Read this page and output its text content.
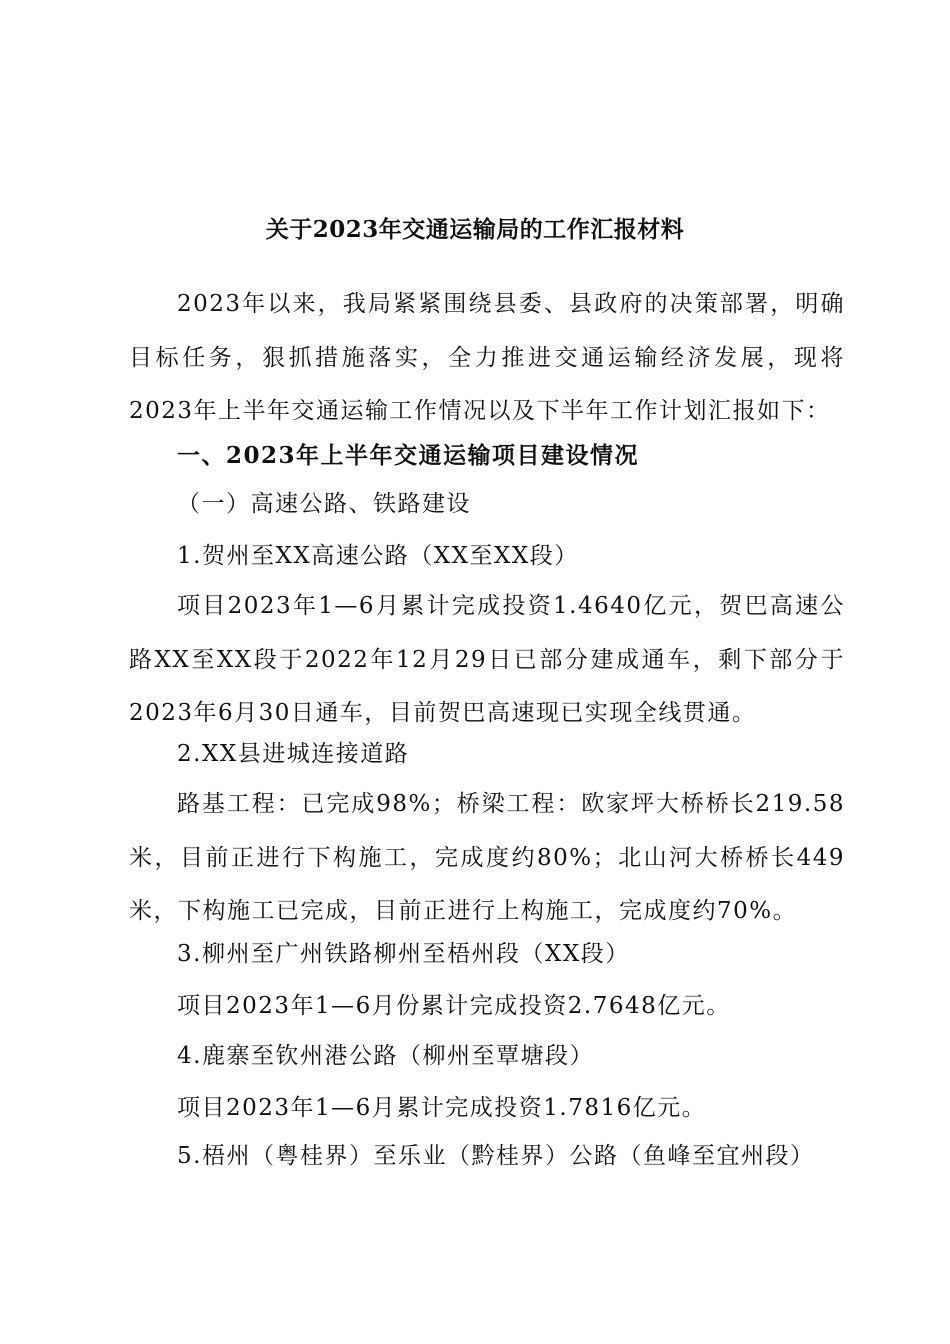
关于2023年交通运输局的工作汇报材料

2023年以来，我局紧紧围绕县委、县政府的决策部署，明确目标任务，狠抓措施落实，全力推进交通运输经济发展，现将2023年上半年交通运输工作情况以及下半年工作计划汇报如下：

一、2023年上半年交通运输项目建设情况
（一）高速公路、铁路建设
1.贺州至XX高速公路（XX至XX段）

项目2023年1—6月累计完成投资1.4640亿元，贺巴高速公路XX至XX段于2022年12月29日已部分建成通车，剩下部分于2023年6月30日通车，目前贺巴高速现已实现全线贯通。

2.XX县进城连接道路

路基工程：已完成98%；桥梁工程：欧家坪大桥桥长219.58米，目前正进行下构施工，完成度约80%；北山河大桥桥长449米，下构施工已完成，目前正进行上构施工，完成度约70%。

3.柳州至广州铁路柳州至梧州段（XX段）
项目2023年1—6月份累计完成投资2.7648亿元。
4.鹿寨至钦州港公路（柳州至覃塘段）
项目2023年1—6月累计完成投资1.7816亿元。
5.梧州（粤桂界）至乐业（黔桂界）公路（鱼峰至宜州段）
